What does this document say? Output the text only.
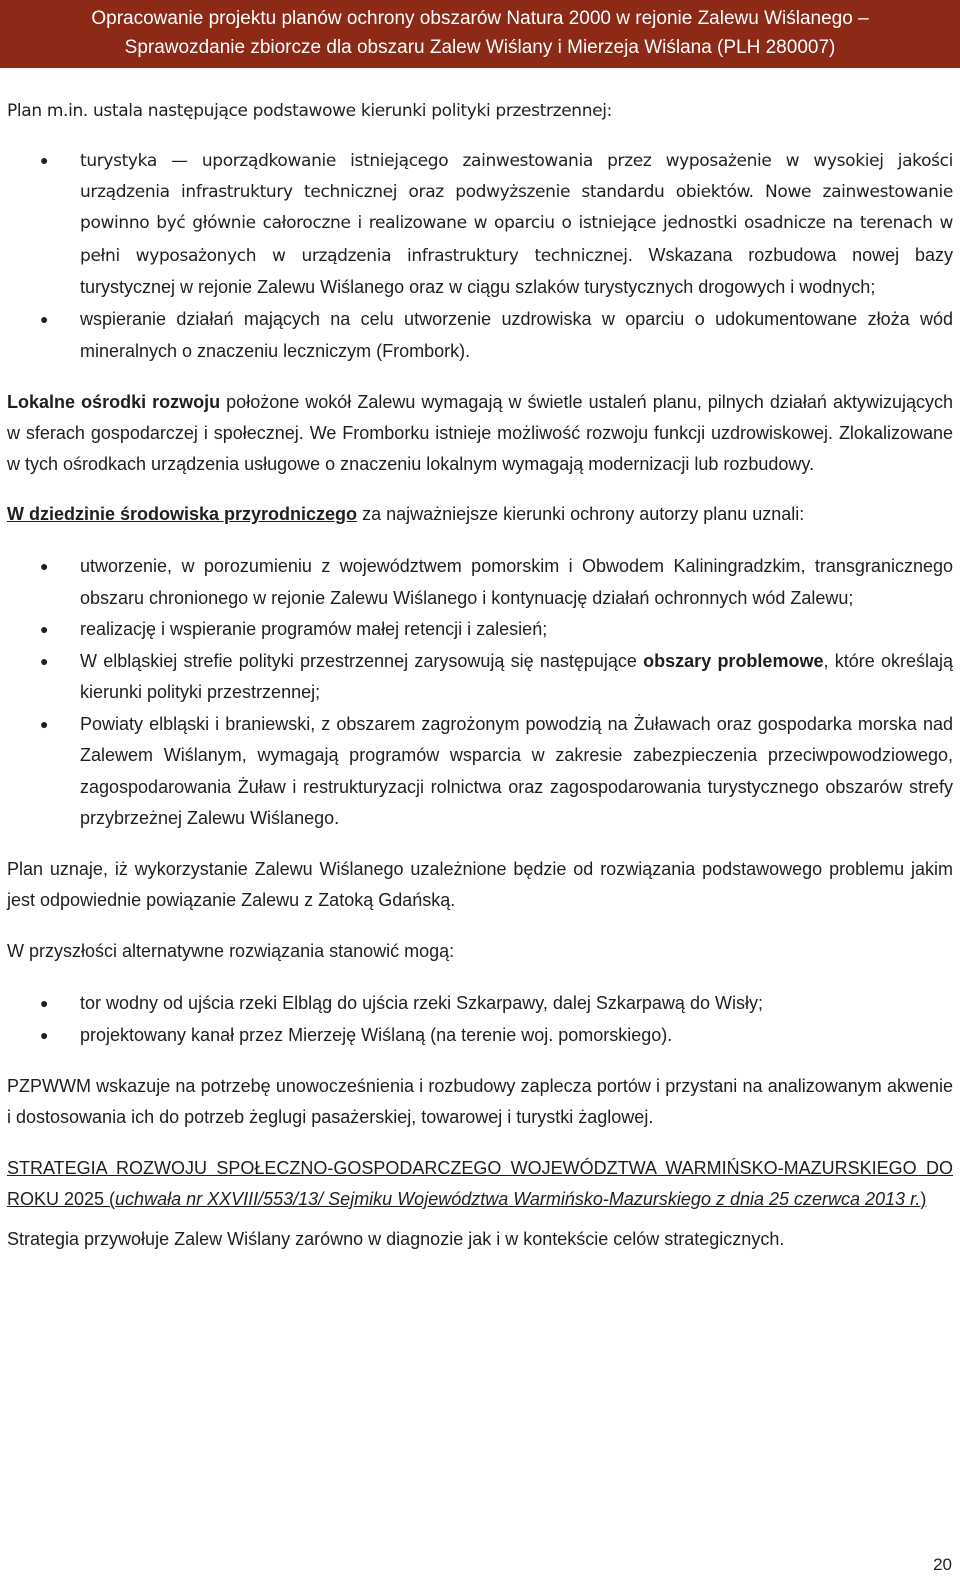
Opracowanie projektu planów ochrony obszarów Natura 2000 w rejonie Zalewu Wiślanego –
Sprawozdanie zbiorcze dla obszaru Zalew Wiślany i Mierzeja Wiślana (PLH 280007)

Plan m.in. ustala następujące podstawowe kierunki polityki przestrzennej:

● turystyka — uporządkowanie istniejącego zainwestowania przez wyposażenie w wysokiej jakości urządzenia infrastruktury technicznej oraz podwyższenie standardu obiektów. Nowe zainwestowanie powinno być głównie całoroczne i realizowane w oparciu o istniejące jednostki osadnicze na terenach w pełni wyposażonych w urządzenia infrastruktury technicznej. Wskazana rozbudowa nowej bazy turystycznej w rejonie Zalewu Wiślanego oraz w ciągu szlaków turystycznych drogowych i wodnych;
● wspieranie działań mających na celu utworzenie uzdrowiska w oparciu o udokumentowane złoża wód mineralnych o znaczeniu leczniczym (Frombork).

Lokalne ośrodki rozwoju położone wokół Zalewu wymagają w świetle ustaleń planu, pilnych działań aktywizujących w sferach gospodarczej i społecznej. We Fromborku istnieje możliwość rozwoju funkcji uzdrowiskowej. Zlokalizowane w tych ośrodkach urządzenia usługowe o znaczeniu lokalnym wymagają modernizacji lub rozbudowy.

W dziedzinie środowiska przyrodniczego za najważniejsze kierunki ochrony autorzy planu uznali:

● utworzenie, w porozumieniu z województwem pomorskim i Obwodem Kaliningradzkim, transgranicznego obszaru chronionego w rejonie Zalewu Wiślanego i kontynuację działań ochronnych wód Zalewu;
● realizację i wspieranie programów małej retencji i zalesień;
● W elbląskiej strefie polityki przestrzennej zarysowują się następujące obszary problemowe, które określają kierunki polityki przestrzennej;
● Powiaty elbląski i braniewski, z obszarem zagrożonym powodzią na Żuławach oraz gospodarka morska nad Zalewem Wiślanym, wymagają programów wsparcia w zakresie zabezpieczenia przeciwpowodziowego, zagospodarowania Żuław i restrukturyzacji rolnictwa oraz zagospodarowania turystycznego obszarów strefy przybrzeżnej Zalewu Wiślanego.

Plan uznaje, iż wykorzystanie Zalewu Wiślanego uzależnione będzie od rozwiązania podstawowego problemu jakim jest odpowiednie powiązanie Zalewu z Zatoką Gdańską.

W przyszłości alternatywne rozwiązania stanowić mogą:

● tor wodny od ujścia rzeki Elbląg do ujścia rzeki Szkarpawy, dalej Szkarpawą do Wisły;
● projektowany kanał przez Mierzeję Wiślaną (na terenie woj. pomorskiego).

PZPWWM wskazuje na potrzebę unowocześnienia i rozbudowy zaplecza portów i przystani na analizowanym akwenie i dostosowania ich do potrzeb żeglugi pasażerskiej, towarowej i turystki żaglowej.

STRATEGIA ROZWOJU SPOŁECZNO-GOSPODARCZEGO WOJEWÓDZTWA WARMIŃSKO-MAZURSKIEGO DO ROKU 2025 (uchwała nr XXVIII/553/13/ Sejmiku Województwa Warmińsko-Mazurskiego z dnia 25 czerwca 2013 r.)

Strategia przywołuje Zalew Wiślany zarówno w diagnozie jak i w kontekście celów strategicznych.

20
